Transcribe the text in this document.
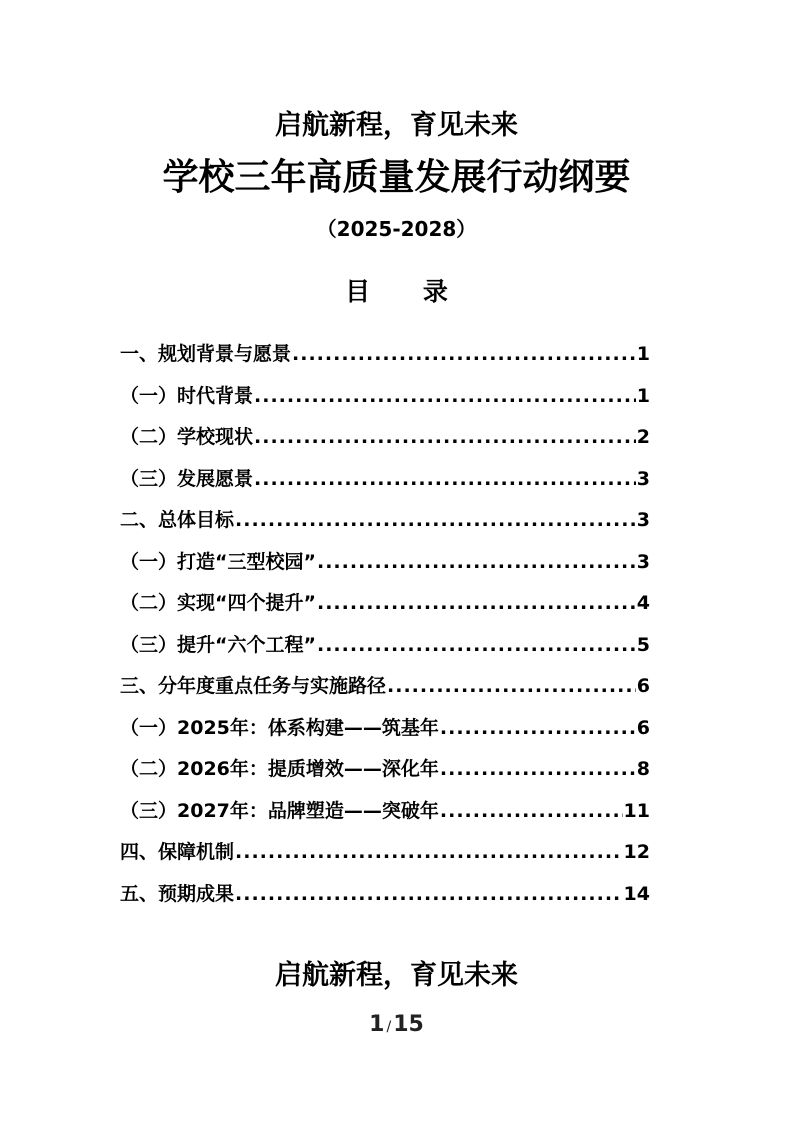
启航新程，育见未来
学校三年高质量发展行动纲要
（2025-2028）
目 录
一、规划背景与愿景 .....	1
（一）时代背景 .....	1
（二）学校现状 .....	2
（三）发展愿景 .....	3
二、总体目标 .....	3
（一）打造“三型校园” .....	3
（二）实现“四个提升” .....	4
（三）提升“六个工程” .....	5
三、分年度重点任务与实施路径 .....	6
（一）2025年：体系构建——筑基年 .....	6
（二）2026年：提质增效——深化年 .....	8
（三）2027年：品牌塑造——突破年 .....	11
四、保障机制 .....	12
五、预期成果 .....	14
启航新程，育见未来
1 /15
